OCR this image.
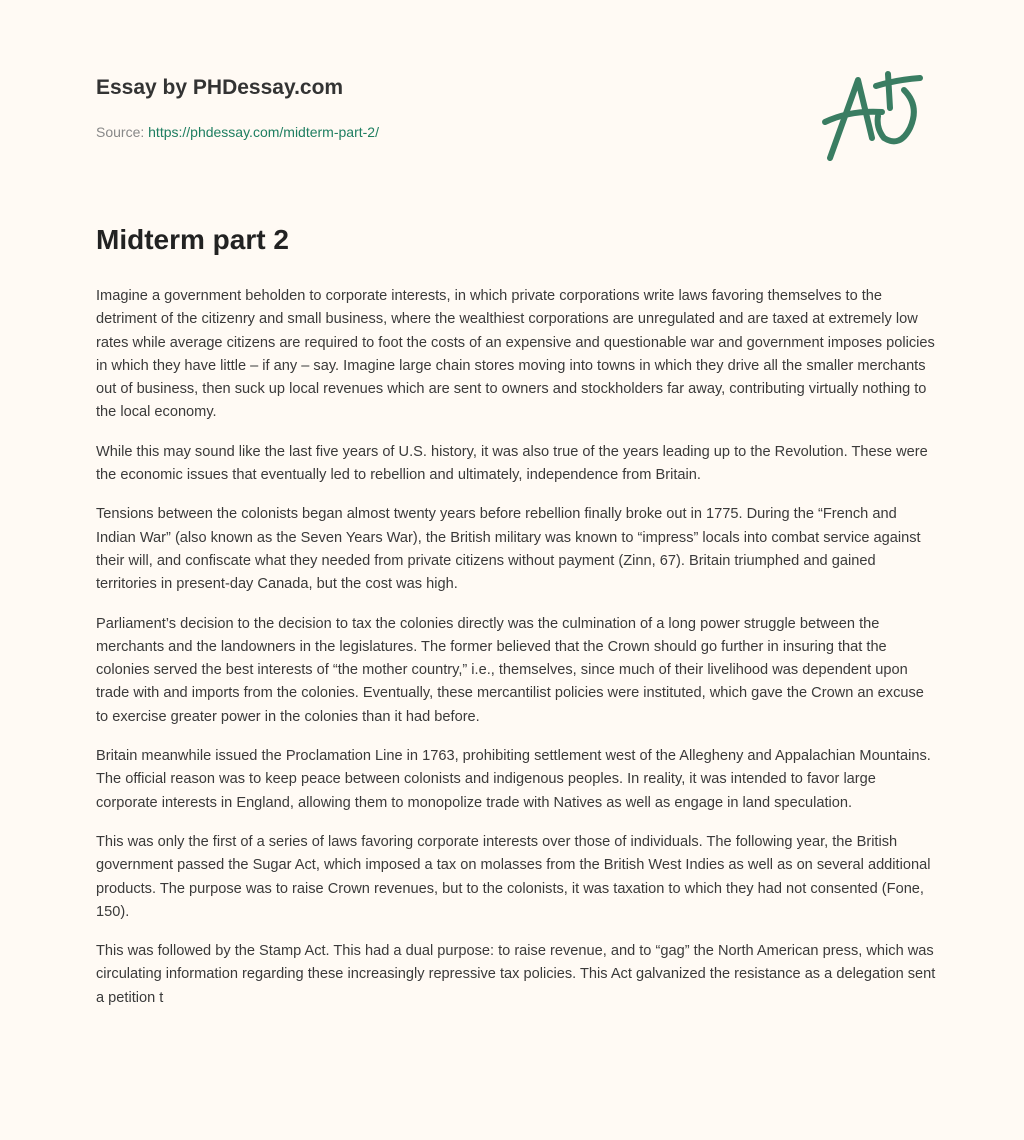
Essay by PHDessay.com

Source: https://phdessay.com/midterm-part-2/
Midterm part 2

Imagine a government beholden to corporate interests, in which private corporations write laws favoring themselves to the detriment of the citizenry and small business, where the wealthiest corporations are unregulated and are taxed at extremely low rates while average citizens are required to foot the costs of an expensive and questionable war and government imposes policies in which they have little – if any – say. Imagine large chain stores moving into towns in which they drive all the smaller merchants out of business, then suck up local revenues which are sent to owners and stockholders far away, contributing virtually nothing to the local economy.

While this may sound like the last five years of U.S. history, it was also true of the years leading up to the Revolution. These were the economic issues that eventually led to rebellion and ultimately, independence from Britain.

Tensions between the colonists began almost twenty years before rebellion finally broke out in 1775. During the “French and Indian War” (also known as the Seven Years War), the British military was known to “impress” locals into combat service against their will, and confiscate what they needed from private citizens without payment (Zinn, 67). Britain triumphed and gained territories in present-day Canada, but the cost was high.

Parliament’s decision to the decision to tax the colonies directly was the culmination of a long power struggle between the merchants and the landowners in the legislatures. The former believed that the Crown should go further in insuring that the colonies served the best interests of “the mother country,” i.e., themselves, since much of their livelihood was dependent upon trade with and imports from the colonies. Eventually, these mercantilist policies were instituted, which gave the Crown an excuse to exercise greater power in the colonies than it had before.

Britain meanwhile issued the Proclamation Line in 1763, prohibiting settlement west of the Allegheny and Appalachian Mountains. The official reason was to keep peace between colonists and indigenous peoples. In reality, it was intended to favor large corporate interests in England, allowing them to monopolize trade with Natives as well as engage in land speculation.

This was only the first of a series of laws favoring corporate interests over those of individuals. The following year, the British government passed the Sugar Act, which imposed a tax on molasses from the British West Indies as well as on several additional products. The purpose was to raise Crown revenues, but to the colonists, it was taxation to which they had not consented (Fone, 150).

This was followed by the Stamp Act. This had a dual purpose: to raise revenue, and to “gag” the North American press, which was circulating information regarding these increasingly repressive tax policies. This Act galvanized the resistance as a delegation sent a petition t
